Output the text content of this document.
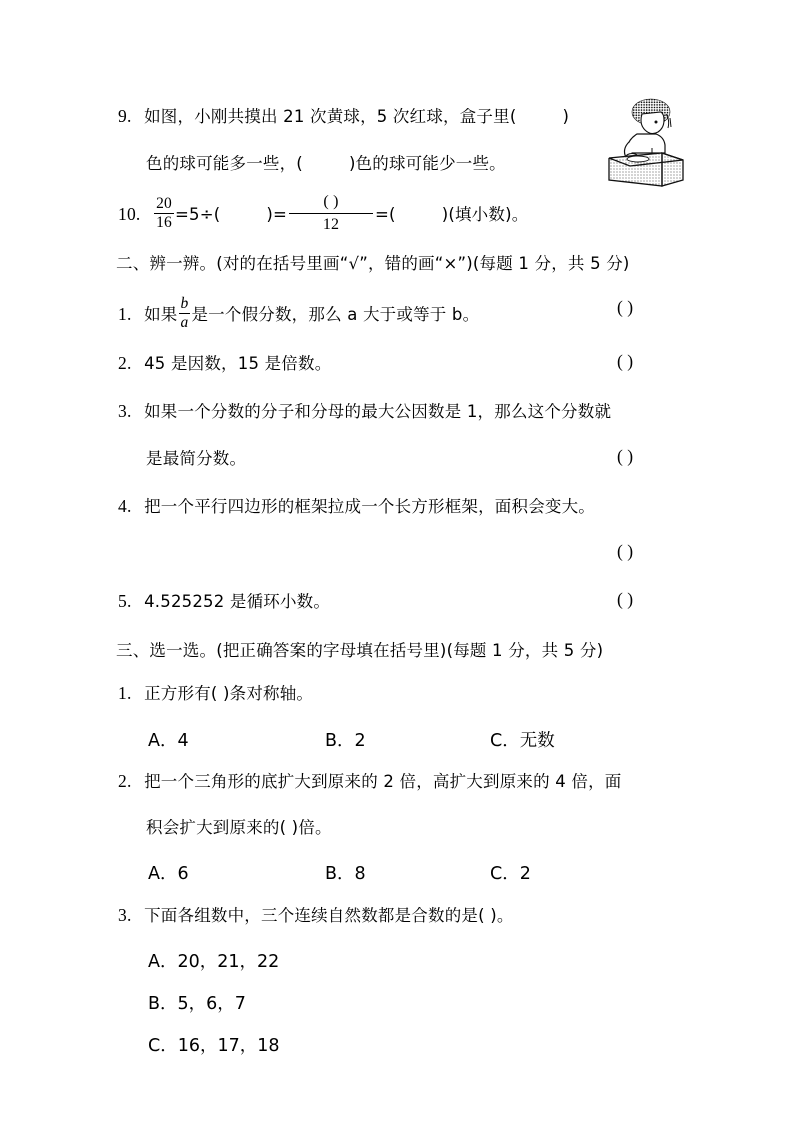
9. 如图，小刚共摸出 21 次黄球，5 次红球，盒子里(	)
色的球可能多一些，(	)色的球可能少一些。
10. $\frac{20}{16} =5\div$(	)=
( )
12
=(	)(填小数)。
二、辨一辨。(对的在括号里画“√”，错的画“×”)(每题 1 分，共 5 分)
1. 如果 $\frac{b}{a}$ 是一个假分数，那么 a 大于或等于 b。	( )
2. 45 是因数，15 是倍数。	( )
3. 如果一个分数的分子和分母的最大公因数是 1，那么这个分数就
是最简分数。	( )
4. 把一个平行四边形的框架拉成一个长方形框架，面积会变大。
( )
5. 4.525252 是循环小数。	( )
三、选一选。(把正确答案的字母填在括号里)(每题 1 分，共 5 分)
1. 正方形有( )条对称轴。
A．4	B．2	C．无数
2. 把一个三角形的底扩大到原来的 2 倍，高扩大到原来的 4 倍，面
积会扩大到原来的( )倍。
A．6	B．8	C．2
3. 下面各组数中，三个连续自然数都是合数的是( )。
A．20，21，22
B．5，6，7
C．16，17，18
